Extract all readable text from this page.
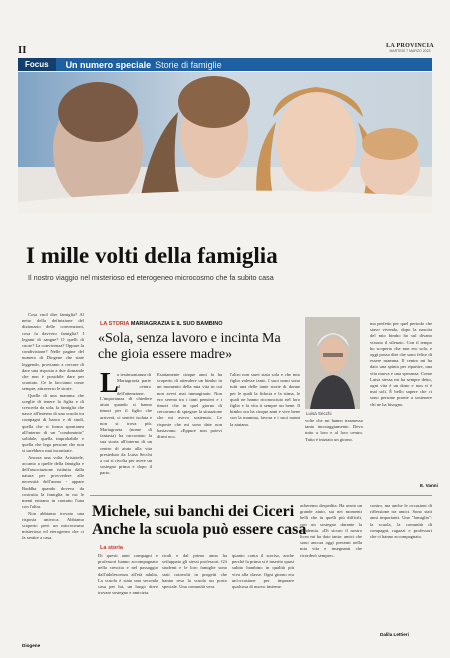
II	LA PROVINCIA
MARTEDÌ 7 MARZO 2023
Focus	Un numero speciale Storie di famiglie
I mille volti della famiglia
Il nostro viaggio nel misterioso ed eterogeneo microcosmo che fa subito casa

Cosa vuol dire famiglia? Al netto della definizione del dizionario delle convenzioni, cosa fa davvero famiglia? I legami di sangue? O quelli di cuore? La convivenza? Oppure la condivisione? Nelle pagine del numero di Diogene che state leggendo, proviamo a cercare di dare una risposta a due domande che non è possibile dare per scontato. Ce lo facciamo come sempre, attraverso le storie.

Quelle di una mamma che sceglie di tenere la figlia e di crescerla da sola, la famiglia che nasce all'interno di una scuola tra compagni di banco e di studi, quella che si forma spontanea all'interno di un "condominio" solidale, quella improbabile e quella che lega persone che non si sarebbero mai incontrate.

Ancora una volta Aristotele, accanto a quelle della famiglia e dell'associazione istituita dalla natura per provvedere alle necessità dell'uomo - appare Buddha quando doveva da costruita la famiglia in cui le menti entrano in contatto l'una con l'altra.

Non abbiamo trovato una risposta univoca. Abbiamo scoperto però un microcosmo misterioso ed eterogeneo che ci fa sentire a casa.

Diogene
LA STORIA MARIAGRAZIA E IL SUO BAMBINO
«Sola, senza lavoro e incinta Ma che gioia essere madre»
L
a testimonianza di Mariagrazia parte al centro dell'attenzione.
L'importanza di chiedere aiuto quando si hanno timori per il figlio che arriverà, ci sentivi isolata e non si trova più. Mariagrazia (nome di fantasia) ha raccontato la sua storia all'interno di un centro di aiuto alla vita presieduto da Luisa Secchi a cui si rivolta per avere un sostegno prima e dopo il parto.
Esattamente cinque anni fa ha scoperto di attendere un bimbo in un momento della mia vita in cui non avevi mai immaginato. Non ero serena tra i tanti pensieri e i timori che in quel giorno di cercavano di spiegare la situazione che mi aveva sostenuto. Le risposte che mi sono date non bastavano. «Eppure non potevi dirmi no».
l'altro non sarei stata sola e che mio figlio valesse tanto. I suoi nomi sono tutti una delle tante storie di donne per le quali la fiducia e la stima, le quali ne hanno riconosciuto nel loro figlio e la vita ti sempre un bene. Il bimbo ora ha cinque anni e vive bene con la mamma, lavora e i suoi nonni la aiutano.
Luisa Secchi
volte che mi hanno trasmesso tanto incoraggiamento. Devo tutto a loro e al loro centro. Tutto è iniziato un giorno.
ma perfetto per quel periodo che stavo vivendo, dopo la nascita del mio bimbo ho sul divano vissuto il silenzio. Con il tempo ho scoperto che non ero sola, e oggi posso dire che sono felice di essere mamma. Il centro mi ha dato una spinta per ripartire, una vita nuova e una speranza. Come Luisa stessa mi ha sempre detto, ogni vita è un dono e non si è mai soli. È bello sapere che ci sono persone pronte a sostenere chi ne ha bisogno.
E. Vanni
Michele, sui banchi dei Ciceri
Anche la scuola può essere casa
La storia
Di questi anni compagni e professori hanno accompagnato nella crescita e nel passaggio dall'adolescenza all'età adulta. La scuola è stata una seconda casa per lui, un luogo dove trovare sostegno e amicizia.
ricali e dal primo anno ha sviluppato gli stessi professori. Gli studenti e le loro famiglie sono stati coinvolti in progetti che hanno reso la scuola un posto speciale. Una comunità vera.
quanto conta il sorriso, anche perché la prima si è inserito quasi subito bambino in qualità più viva alla classe. Ogni giorno era un'occasione per imparare qualcosa di nuovo insieme.
acheremo despedita. Ha avuto un grande aiuto, sia nei momenti belli che in quelli più difficili, con un sostegno durante la pandemia. «Di sicuro il nostro liceo mi ha dato tanto: amici che sono ancora oggi presenti nella mia vita e insegnanti che ricorderò sempre».
contro, ma anche le occasioni di riflessione tra amici. Sono stati anni importanti. Una "famiglia": la scuola, la comunità di compagni, ragazzi e professori che ci hanno accompagnato.
Dalila Lettieri
